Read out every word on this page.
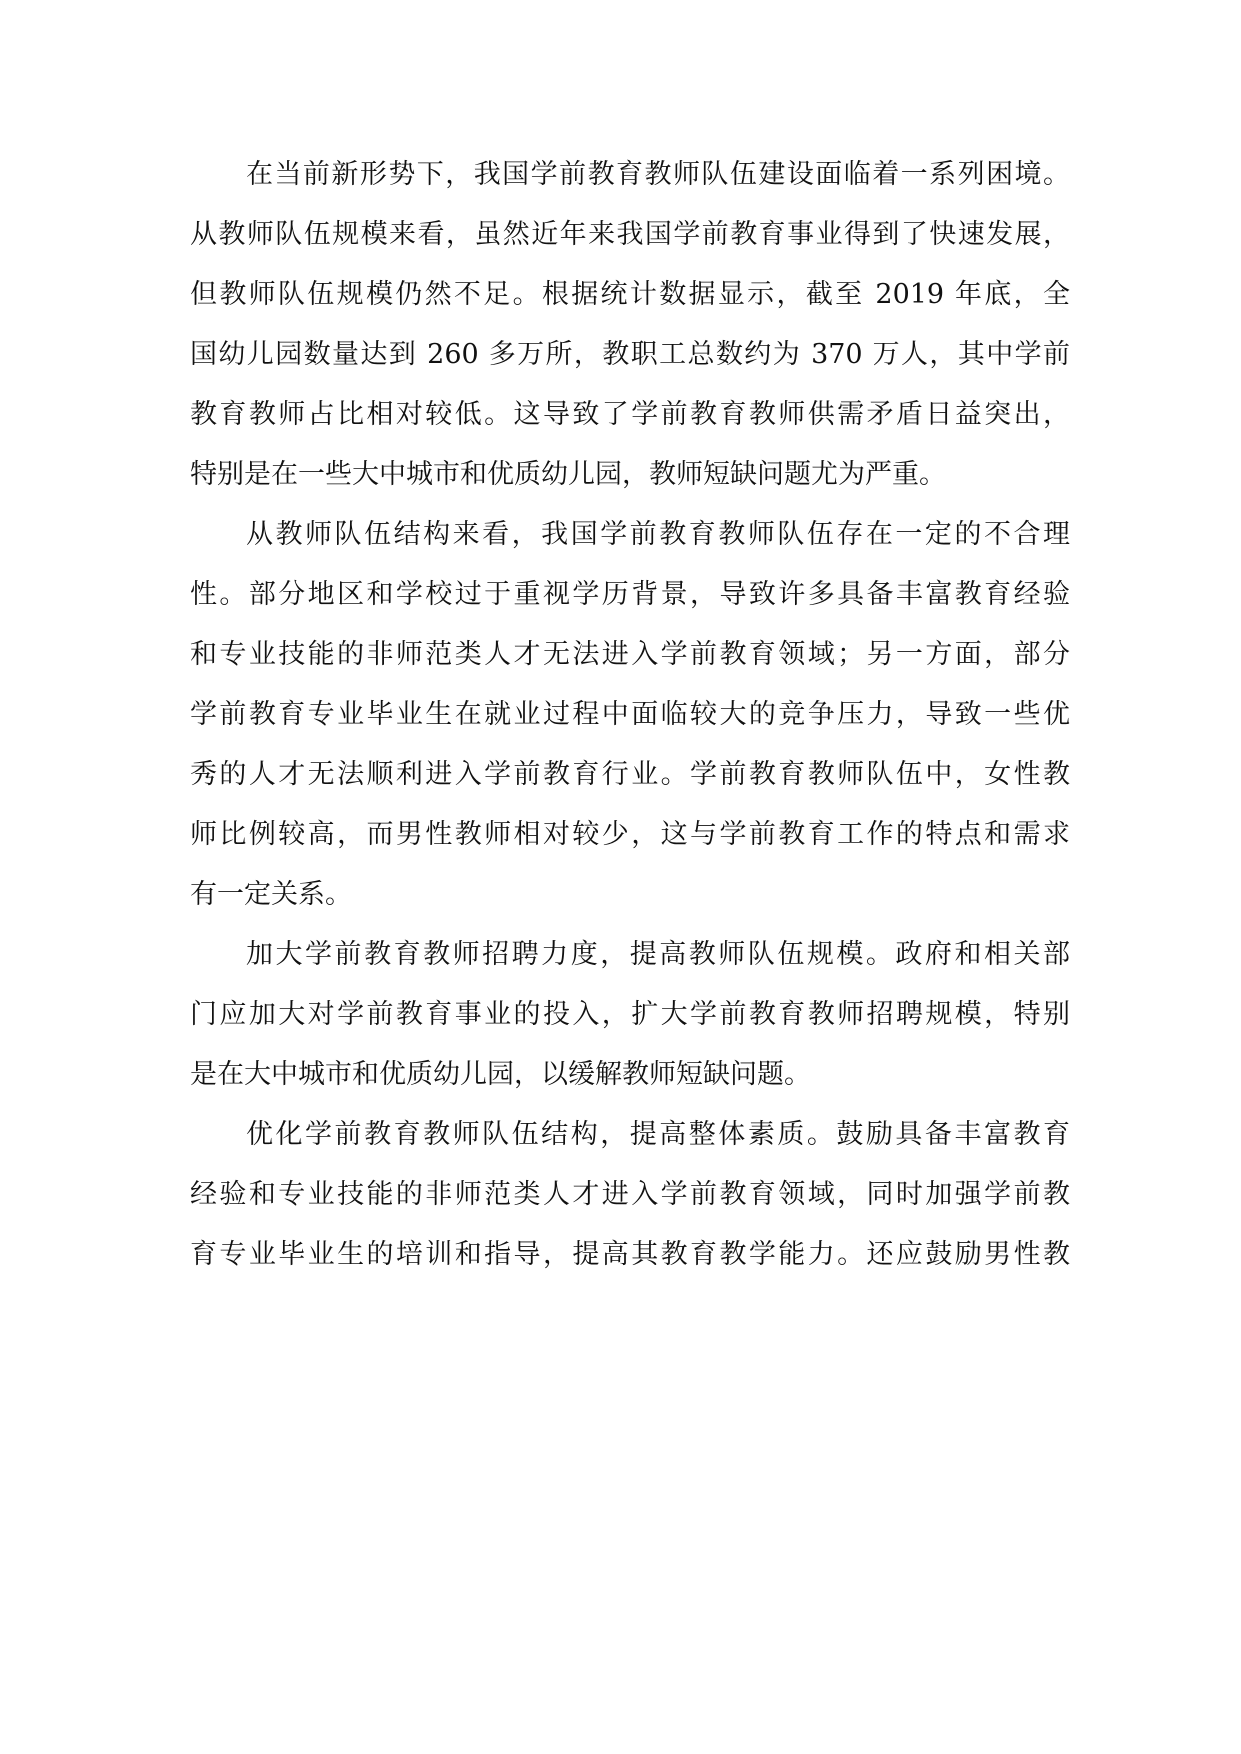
在当前新形势下，我国学前教育教师队伍建设面临着一系列困境。
从教师队伍规模来看，虽然近年来我国学前教育事业得到了快速发展，
但教师队伍规模仍然不足。根据统计数据显示，截至 2019 年底，全
国幼儿园数量达到 260 多万所，教职工总数约为 370 万人，其中学前
教育教师占比相对较低。这导致了学前教育教师供需矛盾日益突出，
特别是在一些大中城市和优质幼儿园，教师短缺问题尤为严重。
从教师队伍结构来看，我国学前教育教师队伍存在一定的不合理
性。部分地区和学校过于重视学历背景，导致许多具备丰富教育经验
和专业技能的非师范类人才无法进入学前教育领域；另一方面，部分
学前教育专业毕业生在就业过程中面临较大的竞争压力，导致一些优
秀的人才无法顺利进入学前教育行业。学前教育教师队伍中，女性教
师比例较高，而男性教师相对较少，这与学前教育工作的特点和需求
有一定关系。
加大学前教育教师招聘力度，提高教师队伍规模。政府和相关部
门应加大对学前教育事业的投入，扩大学前教育教师招聘规模，特别
是在大中城市和优质幼儿园，以缓解教师短缺问题。
优化学前教育教师队伍结构，提高整体素质。鼓励具备丰富教育
经验和专业技能的非师范类人才进入学前教育领域，同时加强学前教
育专业毕业生的培训和指导，提高其教育教学能力。还应鼓励男性教
